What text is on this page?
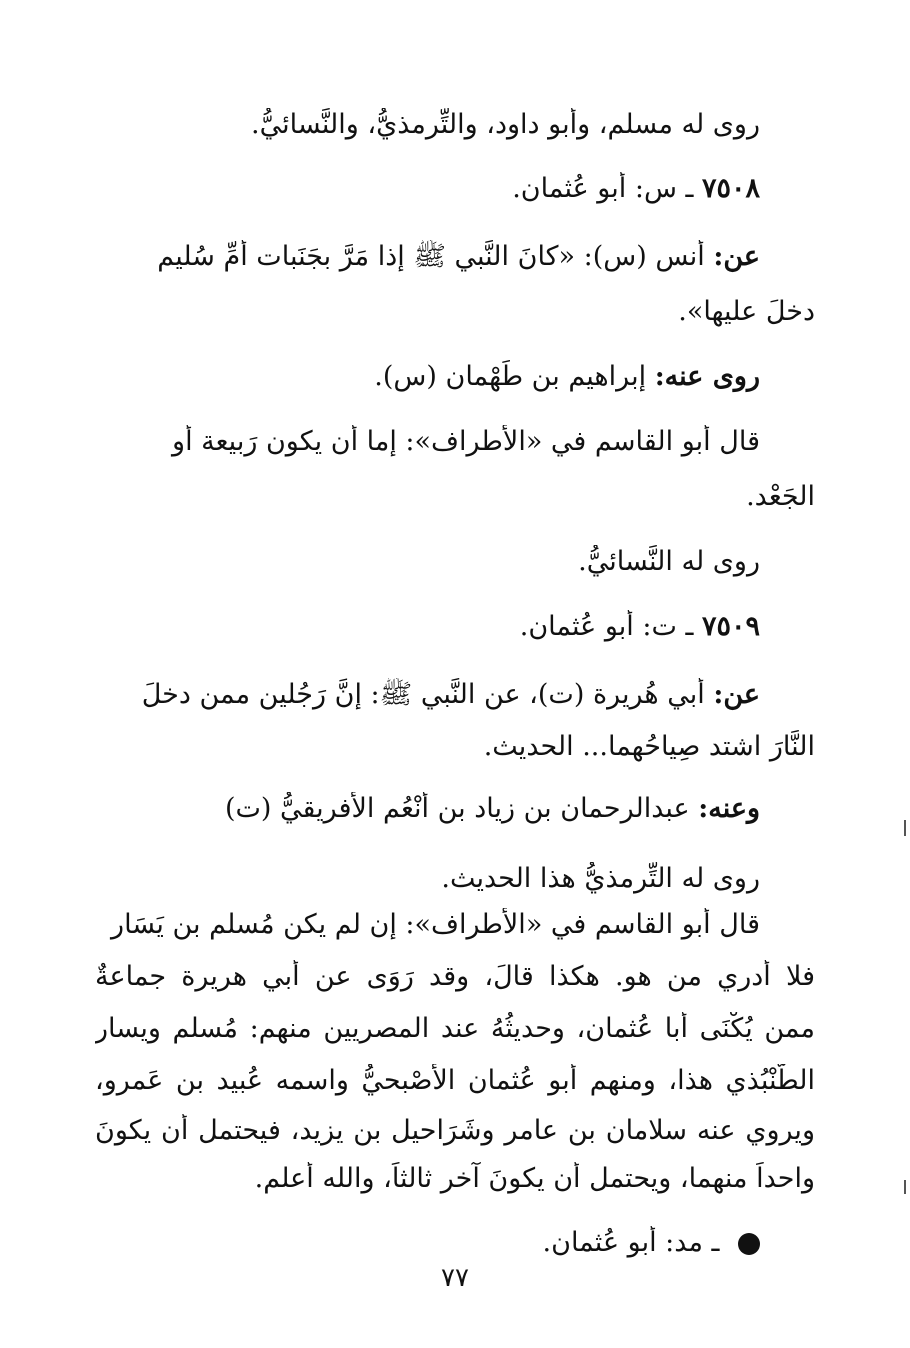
روى له مسلم، وأبو داود، والتِّرمذيُّ، والنَّسائيُّ.
٧٥٠٨ ـ س: أبو عُثمان.
عن: أنس (س): «كانَ النَّبي ﷺ إذا مَرَّ بجَنَبات أُمِّ سُليم
دخلَ عليها».
روى عنه: إبراهيم بن طَهْمان (س).
قال أبو القاسم في «الأطراف»: إما أن يكون رَبيعة أو
الجَعْد.
روى له النَّسائيُّ.
٧٥٠٩ ـ ت: أبو عُثمان.
عن: أبي هُريرة (ت)، عن النَّبي ﷺ: إنَّ رَجُلين ممن دخلَ
النَّارَ اشتد صِياحُهما... الحديث.
وعنه: عبدالرحمان بن زياد بن أنْعُم الأفريقيُّ (ت)
روى له التِّرمذيُّ هذا الحديث.
قال أبو القاسم في «الأطراف»: إن لم يكن مُسلم بن يَسَار
فلا أدري من هو. هكذا قالَ، وقد رَوَى عن أبي هريرة جماعةٌ
ممن يُكْنَى أبا عُثمان، وحديثُهُ عند المصريين منهم: مُسلم ويسار
الطُّنْبُذي هذا، ومنهم أبو عُثمان الأَصْبحيُّ واسمه عُبيد بن عَمرو،
ويروي عنه سلامان بن عامر وشَرَاحيل بن يزيد، فيحتمل أن يكونَ
واحداً منهما، ويحتمل أن يكونَ آخر ثالثاً، والله أعلم.
ـ مد: أبو عُثمان.
٧٧
